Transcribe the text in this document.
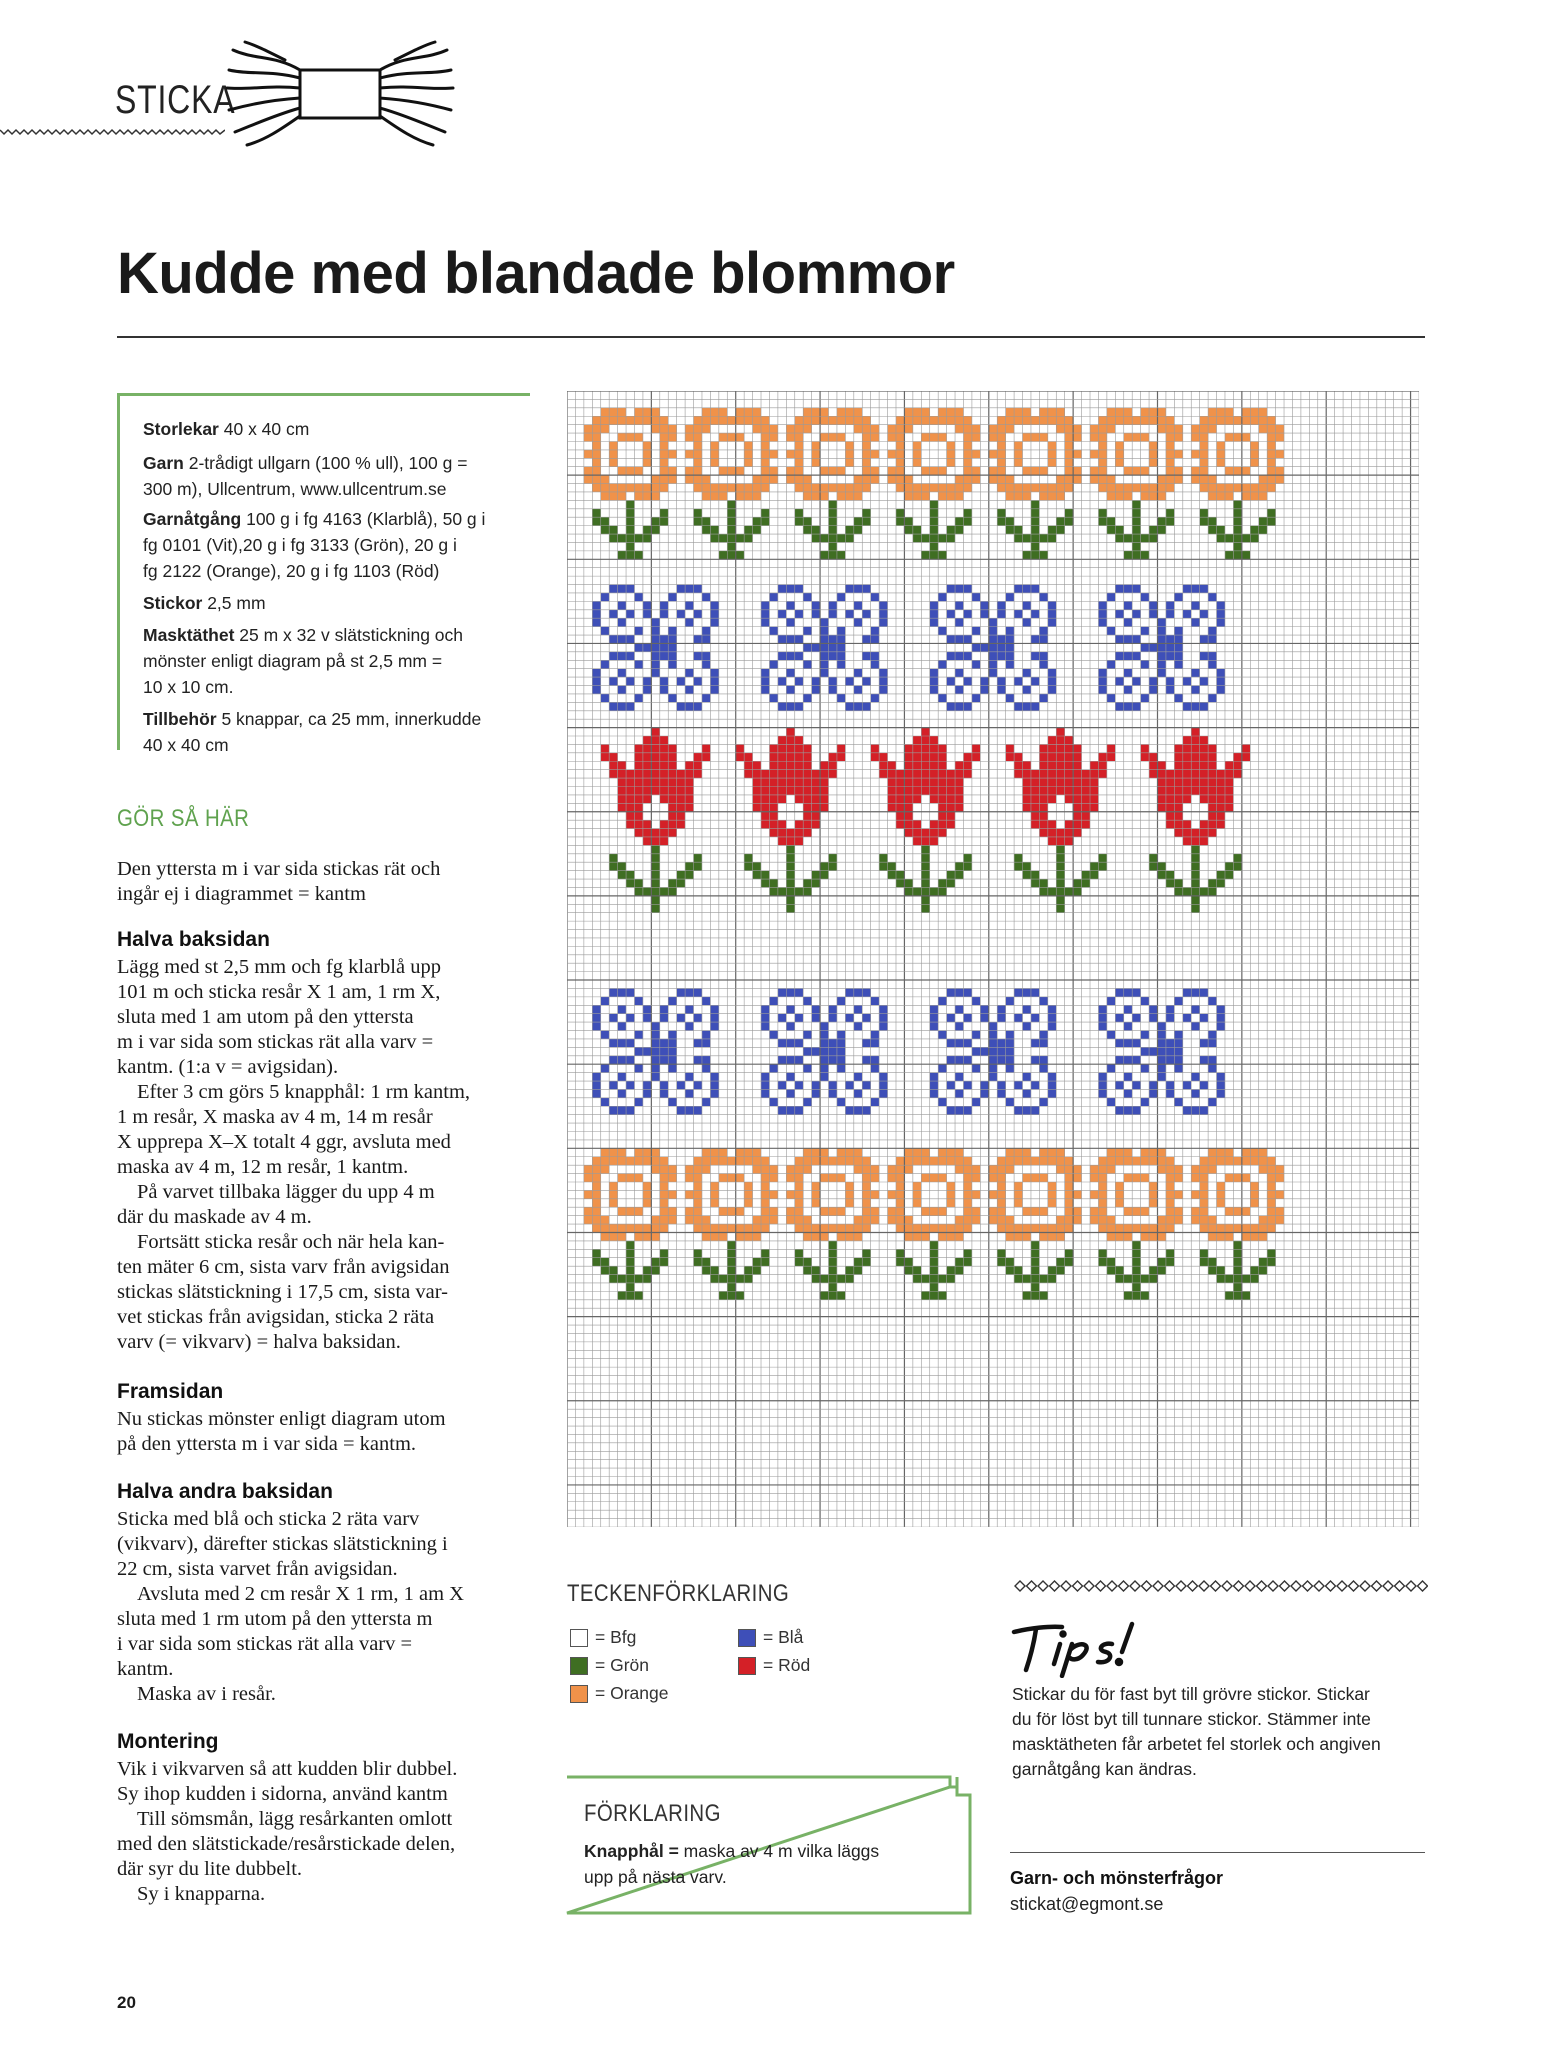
STICKA
Kudde med blandade blommor
Storlekar 40 x 40 cm
Garn 2-trådigt ullgarn (100 % ull), 100 g =
300 m), Ullcentrum, www.ullcentrum.se
Garnåtgång 100 g i fg 4163 (Klarblå), 50 g i
fg 0101 (Vit),20 g i fg 3133 (Grön), 20 g i
fg 2122 (Orange), 20 g i fg 1103 (Röd)
Stickor 2,5 mm
Masktäthet 25 m x 32 v slätstickning och
mönster enligt diagram på st 2,5 mm =
10 x 10 cm.
Tillbehör 5 knappar, ca 25 mm, innerkudde
40 x 40 cm
GÖR SÅ HÄR

Den yttersta m i var sida stickas rät och

ingår ej i diagrammet = kantm

Halva baksidan

Lägg med st 2,5 mm och fg klarblå upp

101 m och sticka resår X 1 am, 1 rm X,

sluta med 1 am utom på den yttersta

m i var sida som stickas rät alla varv =

kantm. (1:a v = avigsidan).

Efter 3 cm görs 5 knapphål: 1 rm kantm,

1 m resår, X maska av 4 m, 14 m resår

X upprepa X–X totalt 4 ggr, avsluta med

maska av 4 m, 12 m resår, 1 kantm.

På varvet tillbaka lägger du upp 4 m

där du maskade av 4 m.

Fortsätt sticka resår och när hela kan-

ten mäter 6 cm, sista varv från avigsidan

stickas slätstickning i 17,5 cm, sista var-

vet stickas från avigsidan, sticka 2 räta

varv (= vikvarv) = halva baksidan.

Framsidan

Nu stickas mönster enligt diagram utom

på den yttersta m i var sida = kantm.

Halva andra baksidan

Sticka med blå och sticka 2 räta varv

(vikvarv), därefter stickas slätstickning i

22 cm, sista varvet från avigsidan.

Avsluta med 2 cm resår X 1 rm, 1 am X

sluta med 1 rm utom på den yttersta m

i var sida som stickas rät alla varv =

kantm.

Maska av i resår.

Montering

Vik i vikvarven så att kudden blir dubbel.

Sy ihop kudden i sidorna, använd kantm

Till sömsmån, lägg resårkanten omlott

med den slätstickade/resårstickade delen,

där syr du lite dubbelt.

Sy i knapparna.

TECKENFÖRKLARING
= Bfg
= Grön
= Orange
= Blå
= Röd
FÖRKLARING
Knapphål = maska av 4 m vilka läggs
upp på nästa varv.
Stickar du för fast byt till grövre stickor. Stickar
du för löst byt till tunnare stickor. Stämmer inte
masktätheten får arbetet fel storlek och angiven
garnåtgång kan ändras.
Garn- och mönsterfrågor
stickat@egmont.se
20
